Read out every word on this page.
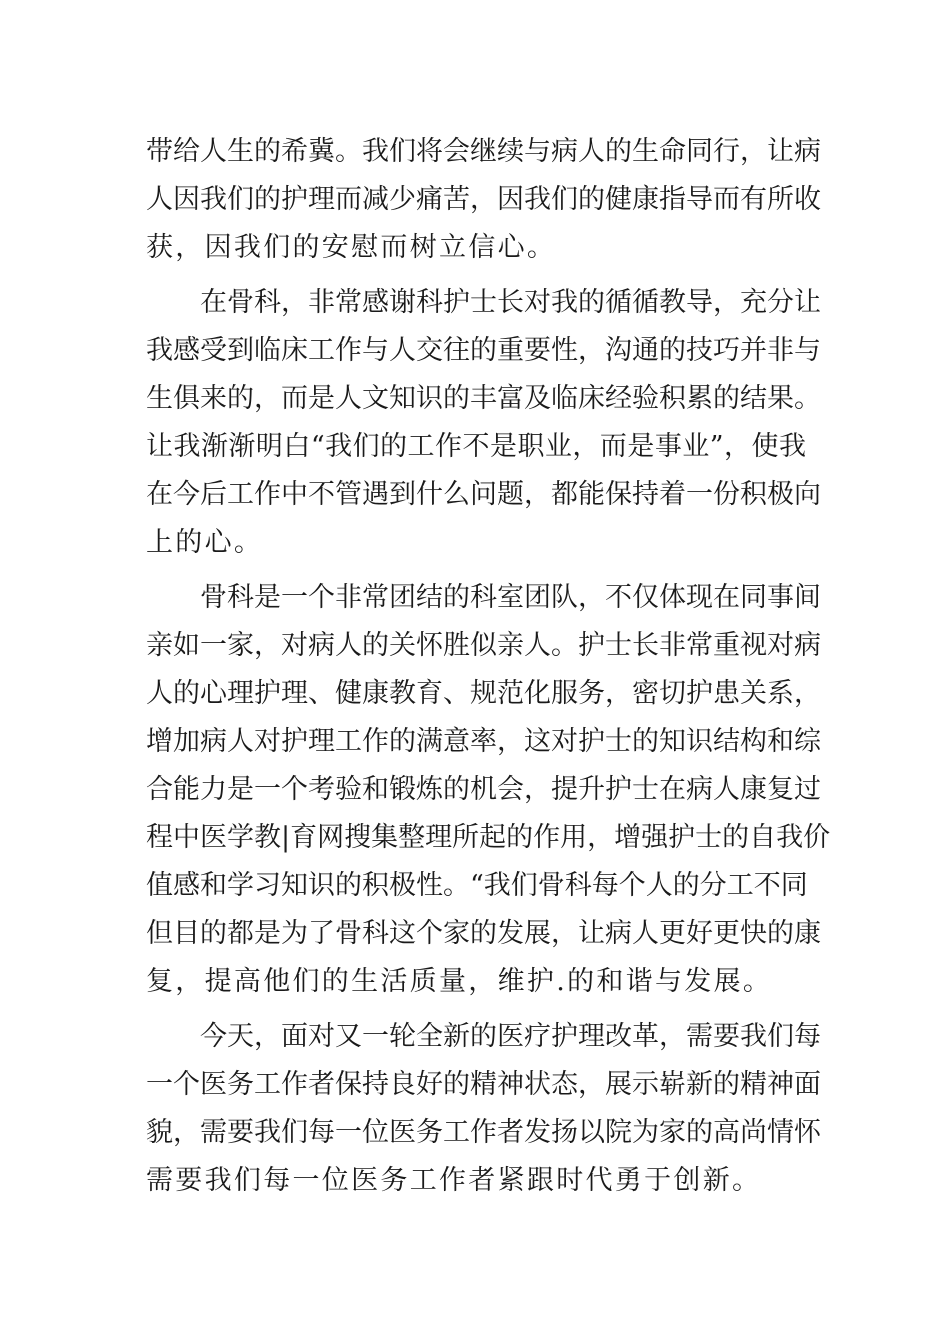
带给人生的希冀。我们将会继续与病人的生命同行，让病
人因我们的护理而减少痛苦，因我们的健康指导而有所收
获，因我们的安慰而树立信心。
在骨科，非常感谢科护士长对我的循循教导，充分让
我感受到临床工作与人交往的重要性，沟通的技巧并非与
生俱来的，而是人文知识的丰富及临床经验积累的结果。
让我渐渐明白“我们的工作不是职业，而是事业”，使我
在今后工作中不管遇到什么问题，都能保持着一份积极向
上的心。
骨科是一个非常团结的科室团队，不仅体现在同事间
亲如一家，对病人的关怀胜似亲人。护士长非常重视对病
人的心理护理、健康教育、规范化服务，密切护患关系，
增加病人对护理工作的满意率，这对护士的知识结构和综
合能力是一个考验和锻炼的机会，提升护士在病人康复过
程中医学教|育网搜集整理所起的作用，增强护士的自我价
值感和学习知识的积极性。“我们骨科每个人的分工不同
但目的都是为了骨科这个家的发展，让病人更好更快的康
复，提高他们的生活质量，维护.的和谐与发展。
今天，面对又一轮全新的医疗护理改革，需要我们每
一个医务工作者保持良好的精神状态，展示崭新的精神面
貌，需要我们每一位医务工作者发扬以院为家的高尚情怀
需要我们每一位医务工作者紧跟时代勇于创新。
